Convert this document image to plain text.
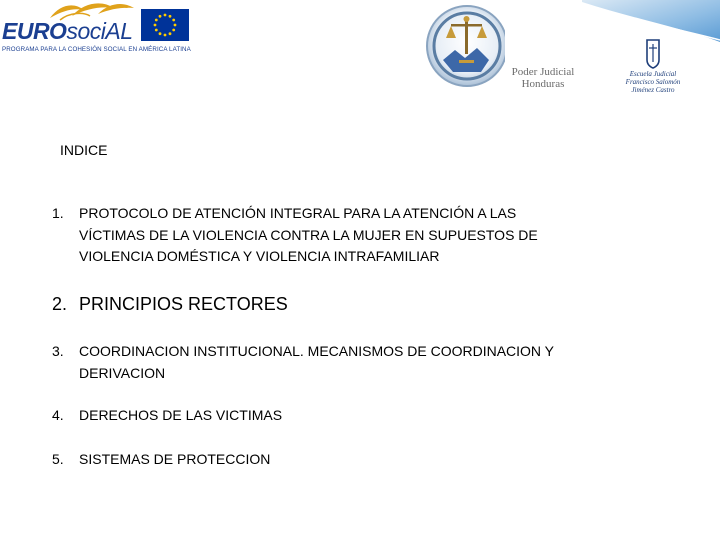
EUROsociAL
PROGRAMA PARA LA COHESIÓN SOCIAL EN AMÉRICA LATINA
Poder Judicial
Honduras
Escuela Judicial
Francisco Salomón Jiménez Castro
INDICE
1.	PROTOCOLO DE ATENCIÓN INTEGRAL PARA LA ATENCIÓN A LAS VÍCTIMAS DE LA VIOLENCIA CONTRA LA MUJER EN SUPUESTOS DE VIOLENCIA DOMÉSTICA Y VIOLENCIA INTRAFAMILIAR
2. PRINCIPIOS RECTORES
3.	COORDINACION INSTITUCIONAL. MECANISMOS DE COORDINACION Y DERIVACION
4.	DERECHOS DE LAS VICTIMAS
5.	SISTEMAS DE PROTECCION
